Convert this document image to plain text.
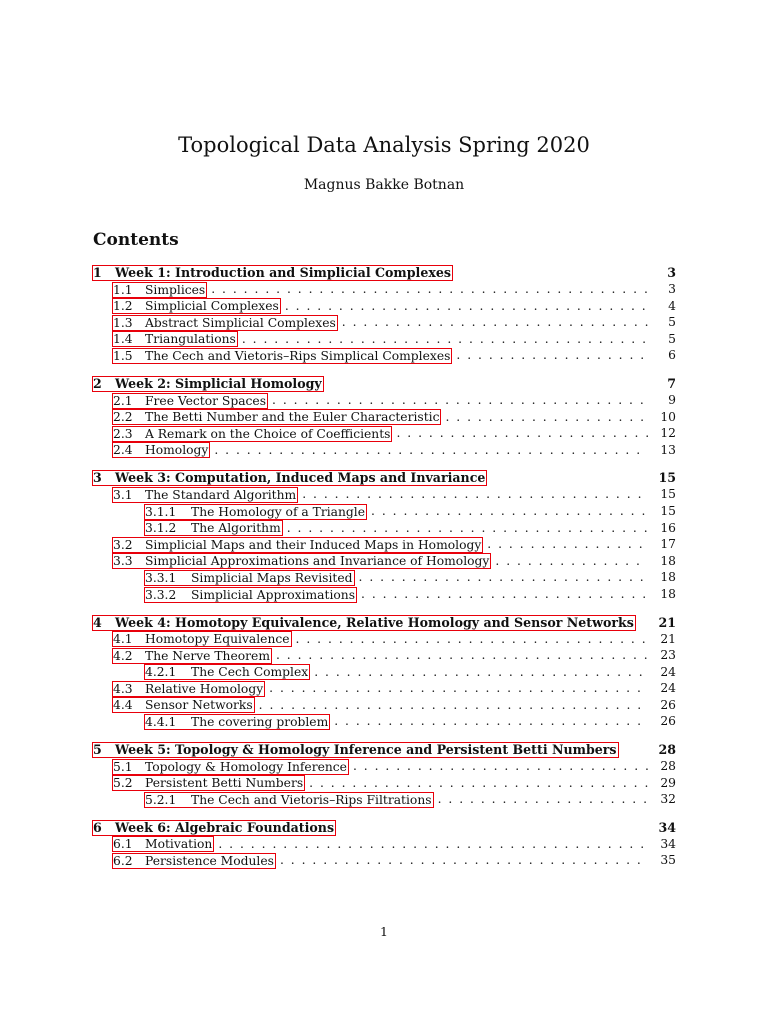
Topological Data Analysis Spring 2020
Magnus Bakke Botnan
Contents
1	Week 1: Introduction and Simplicial Complexes	3
1.1	Simplices . . .	3
1.2	Simplicial Complexes . . .	4
1.3	Abstract Simplicial Complexes . . .	5
1.4	Triangulations . . .	5
1.5	The Cech and Vietoris–Rips Simplical Complexes . . .	6
2	Week 2: Simplicial Homology	7
2.1	Free Vector Spaces . . .	9
2.2	The Betti Number and the Euler Characteristic . . .	10
2.3	A Remark on the Choice of Coefficients . . .	12
2.4	Homology . . .	13
3	Week 3: Computation, Induced Maps and Invariance	15
3.1	The Standard Algorithm . . .	15
3.1.1	The Homology of a Triangle . . .	15
3.1.2	The Algorithm . . .	16
3.2	Simplicial Maps and their Induced Maps in Homology . . .	17
3.3	Simplicial Approximations and Invariance of Homology . . .	18
3.3.1	Simplicial Maps Revisited . . .	18
3.3.2	Simplicial Approximations . . .	18
4	Week 4: Homotopy Equivalence, Relative Homology and Sensor Networks	21
4.1	Homotopy Equivalence . . .	21
4.2	The Nerve Theorem . . .	23
4.2.1	The Cech Complex . . .	24
4.3	Relative Homology . . .	24
4.4	Sensor Networks . . .	26
4.4.1	The covering problem . . .	26
5	Week 5: Topology & Homology Inference and Persistent Betti Numbers	28
5.1	Topology & Homology Inference . . .	28
5.2	Persistent Betti Numbers . . .	29
5.2.1	The Cech and Vietoris–Rips Filtrations . . .	32
6	Week 6: Algebraic Foundations	34
6.1	Motivation . . .	34
6.2	Persistence Modules . . .	35
1
